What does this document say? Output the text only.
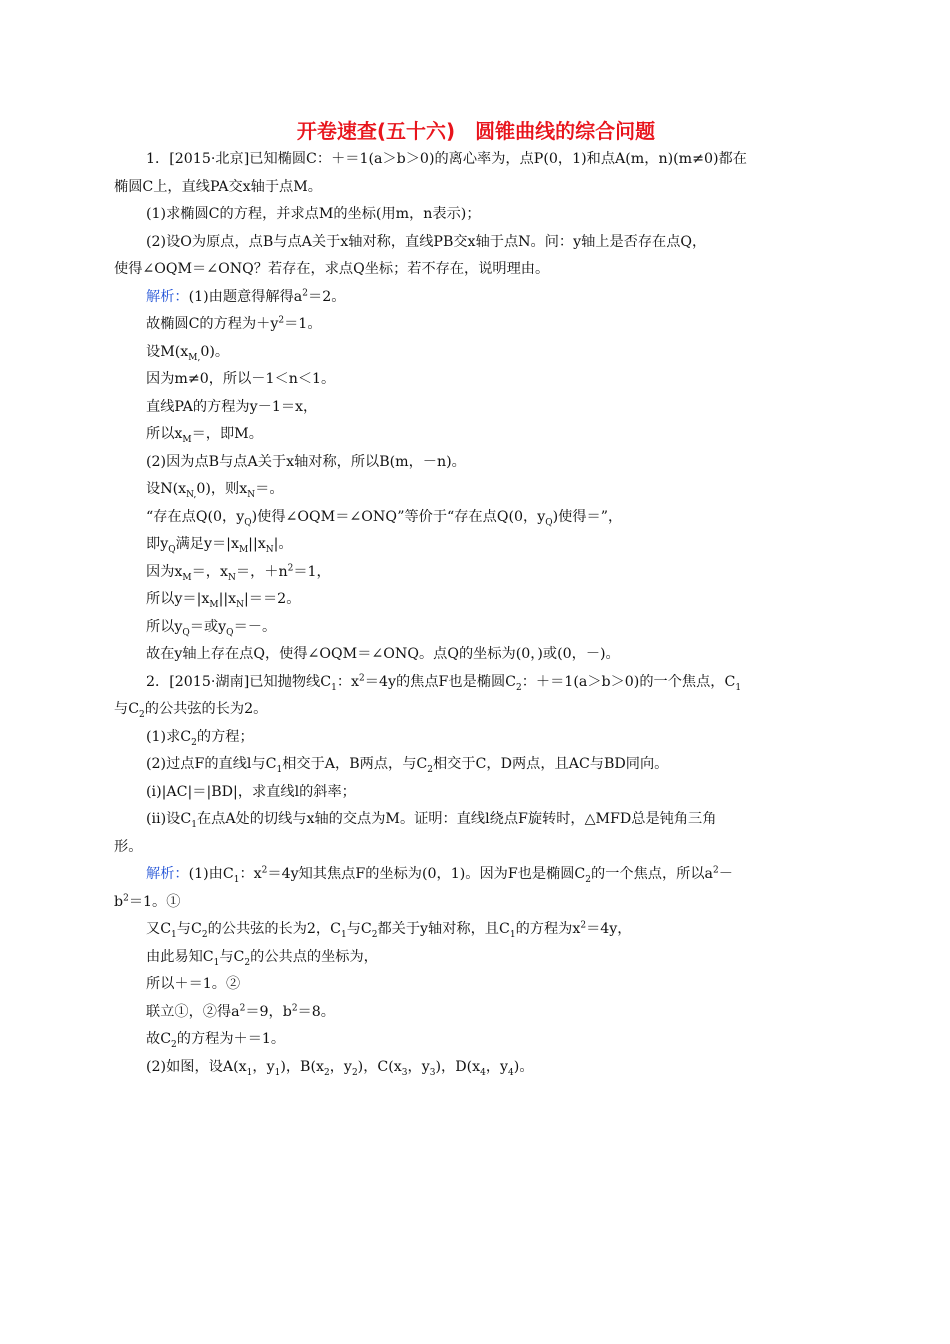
开卷速查(五十六)　圆锥曲线的综合问题
1．[2015·北京]已知椭圆C：＋＝1(a＞b＞0)的离心率为，点P(0，1)和点A(m，n)(m≠0)都在
椭圆C上，直线PA交x轴于点M。
(1)求椭圆C的方程，并求点M的坐标(用m，n表示)；
(2)设O为原点，点B与点A关于x轴对称，直线PB交x轴于点N。问：y轴上是否存在点Q，
使得∠OQM＝∠ONQ？若存在，求点Q坐标；若不存在，说明理由。
解析：(1)由题意得解得$a^2=2$。
故椭圆C的方程为$+y^2=1$。
设$M(x_{M,}0)$。
因为m≠0，所以－1＜n＜1。
直线PA的方程为y－1＝x，
所以$x_M=$，即M。
(2)因为点B与点A关于x轴对称，所以B(m，－n)。
设$N(x_{N,}0)$，则$x_N=$。
“存在点Q(0，$y_Q$)使得∠OQM＝∠ONQ”等价于“存在点Q(0，$y_Q$)使得＝”，
即$y_Q$满足$y=|x_M||x_N|$。
因为$x_M=$，$x_N=$，$+n^2=1$，
所以$y=|x_M||x_N|==2$。
所以$y_Q=$或$y_Q=-$。
故在y轴上存在点Q，使得∠OQM＝∠ONQ。点Q的坐标为(0，)或(0，－)。
2．[2015·湖南]已知抛物线$C_1$：$x^2=4y$的焦点F也是椭圆$C_2$：＋＝1(a＞b＞0)的一个焦点，$C_1$
与$C_2$的公共弦的长为2。
(1)求$C_2$的方程；
(2)过点F的直线l与$C_1$相交于A，B两点，与$C_2$相交于C，D两点，且AC与BD同向。
(ⅰ)|AC|＝|BD|，求直线l的斜率；
(ⅱ)设$C_1$在点A处的切线与x轴的交点为M。证明：直线l绕点F旋转时，△MFD总是钝角三角
形。
解析：(1)由$C_1$：$x^2=4y$知其焦点F的坐标为(0，1)。因为F也是椭圆$C_2$的一个焦点，所以$a^2-$
$b^2=1$。①
又$C_1$与$C_2$的公共弦的长为2，$C_1$与$C_2$都关于y轴对称，且$C_1$的方程为$x^2=4y$，
由此易知$C_1$与$C_2$的公共点的坐标为，
所以＋＝1。②
联立①，②得$a^2=9$，$b^2=8$。
故$C_2$的方程为＋＝1。
(2)如图，设$A(x_1$，$y_1$)，$B(x_2$，$y_2$)，$C(x_3$，$y_3$)，$D(x_4$，$y_4$)。
